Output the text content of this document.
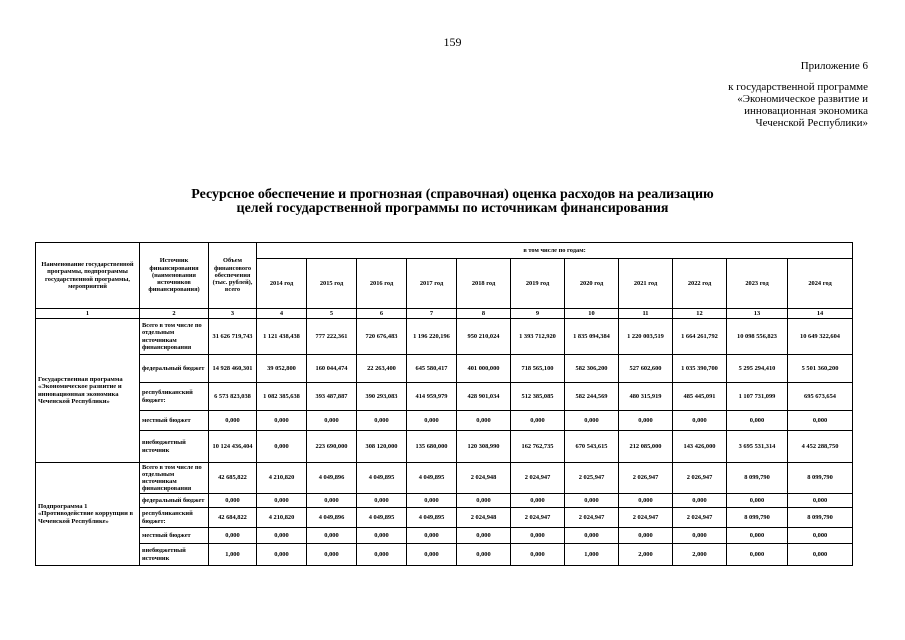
159
Приложение 6
к государственной программе
«Экономическое развитие и
инновационная экономика
Чеченской Республики»
Ресурсное обеспечение и прогнозная (справочная) оценка расходов на реализацию
целей государственной программы по источникам финансирования
Наименование государственной программы, подпрограммы государственной программы, мероприятий	Источник финансирования (наименования источников финансирования)	Объем финансового обеспечения (тыс. рублей), всего	в том числе по годам:										
			2014 год	2015 год	2016 год	2017 год	2018 год	2019 год	2020 год	2021 год	2022 год	2023 год	2024 год
1	2	3	4	5	6	7	8	9	10	11	12	13	14
Государственная программа «Экономическое развитие и инновационная экономика Чеченской Республики»	Всего в том числе по отдельным источникам финансирования	31 626 719,743	1 121 438,438	777 222,361	720 676,483	1 196 220,196	950 210,024	1 393 712,920	1 835 094,384	1 220 003,519	1 664 261,792	10 098 556,823	10 649 322,604
	федеральный бюджет	14 928 460,301	39 052,800	160 044,474	22 263,400	645 580,417	401 000,000	718 565,100	582 306,200	527 602,600	1 035 390,700	5 295 294,410	5 501 360,200
	республиканский бюджет:	6 573 823,038	1 082 385,638	393 487,887	390 293,083	414 959,979	428 901,034	512 385,085	582 244,569	480 315,919	485 445,091	1 107 731,099	695 673,654
	местный бюджет	0,000	0,000	0,000	0,000	0,000	0,000	0,000	0,000	0,000	0,000	0,000	0,000
	внебюджетный источник	10 124 436,404	0,000	223 690,000	308 120,000	135 680,000	120 308,990	162 762,735	670 543,615	212 085,000	143 426,000	3 695 531,314	4 452 288,750
Подпрограмма 1 «Противодействие коррупции в Чеченской Республике»	Всего в том числе по отдельным источникам финансирования	42 685,822	4 210,820	4 049,896	4 049,895	4 049,895	2 024,948	2 024,947	2 025,947	2 026,947	2 026,947	8 099,790	8 099,790
	федеральный бюджет	0,000	0,000	0,000	0,000	0,000	0,000	0,000	0,000	0,000	0,000	0,000	0,000
	республиканский бюджет:	42 684,822	4 210,820	4 049,896	4 049,895	4 049,895	2 024,948	2 024,947	2 024,947	2 024,947	2 024,947	8 099,790	8 099,790
	местный бюджет	0,000	0,000	0,000	0,000	0,000	0,000	0,000	0,000	0,000	0,000	0,000	0,000
	внебюджетный источник	1,000	0,000	0,000	0,000	0,000	0,000	0,000	1,000	2,000	2,000	0,000	0,000
